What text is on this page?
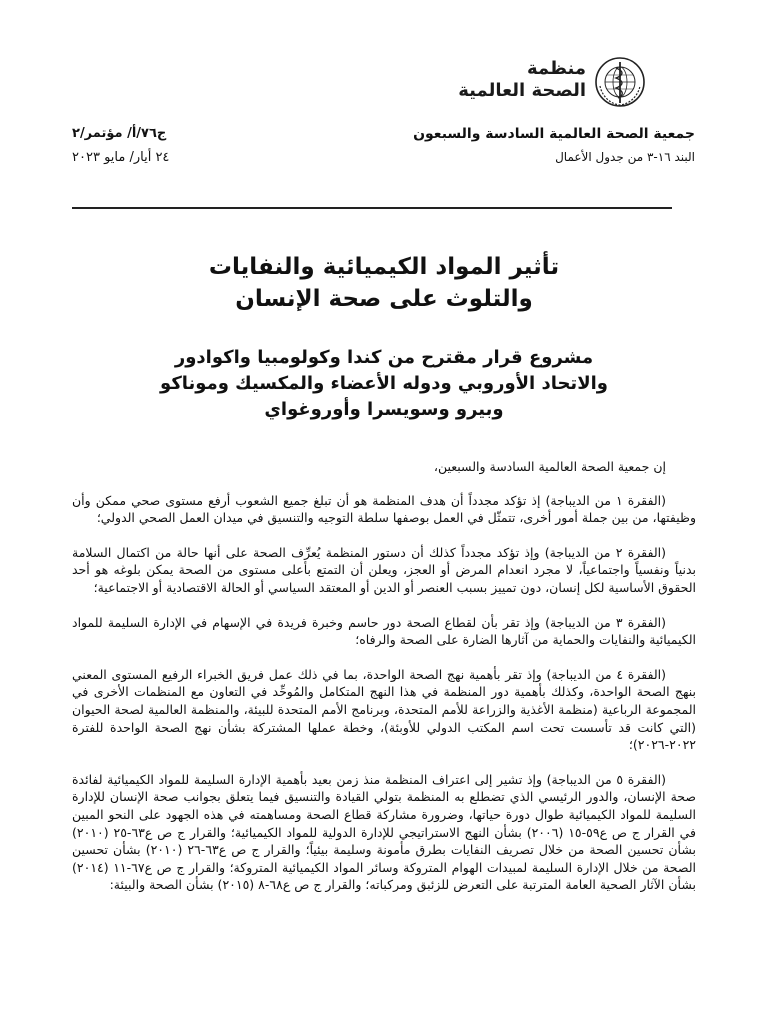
منظمة
الصحة العالمية
جمعية الصحة العالمية السادسة والسبعون
البند ١٦-٣ من جدول الأعمال
ج٧٦/أ/ مؤتمر/٢
٢٤ أيار/ مايو ٢٠٢٣
تأثير المواد الكيميائية والنفايات
والتلوث على صحة الإنسان
مشروع قرار مقترح من كندا وكولومبيا واكوادور
والاتحاد الأوروبي ودوله الأعضاء والمكسيك وموناكو
وبيرو وسويسرا وأوروغواي

إن جمعية الصحة العالمية السادسة والسبعين،

(الفقرة ١ من الديباجة) إذ تؤكد مجدداً أن هدف المنظمة هو أن تبلغ جميع الشعوب أرفع مستوى صحي ممكن وأن وظيفتها، من بين جملة أمور أخرى، تتمثّل في العمل بوصفها سلطة التوجيه والتنسيق في ميدان العمل الصحي الدولي؛

(الفقرة ٢ من الديباجة) وإذ تؤكد مجدداً كذلك أن دستور المنظمة يُعرِّف الصحة على أنها حالة من اكتمال السلامة بدنياً ونفسياً واجتماعياً، لا مجرد انعدام المرض أو العجز، ويعلن أن التمتع بأعلى مستوى من الصحة يمكن بلوغه هو أحد الحقوق الأساسية لكل إنسان، دون تمييز بسبب العنصر أو الدين أو المعتقد السياسي أو الحالة الاقتصادية أو الاجتماعية؛

(الفقرة ٣ من الديباجة) وإذ تقر بأن لقطاع الصحة دور حاسم وخبرة فريدة في الإسهام في الإدارة السليمة للمواد الكيميائية والنفايات والحماية من آثارها الضارة على الصحة والرفاه؛

(الفقرة ٤ من الديباجة) وإذ تقر بأهمية نهج الصحة الواحدة، بما في ذلك عمل فريق الخبراء الرفيع المستوى المعني بنهج الصحة الواحدة، وكذلك بأهمية دور المنظمة في هذا النهج المتكامل والمُوحِّد في التعاون مع المنظمات الأخرى في المجموعة الرباعية (منظمة الأغذية والزراعة للأمم المتحدة، وبرنامج الأمم المتحدة للبيئة، والمنظمة العالمية لصحة الحيوان (التي كانت قد تأسست تحت اسم المكتب الدولي للأوبئة)، وخطة عملها المشتركة بشأن نهج الصحة الواحدة للفترة ٢٠٢٢-٢٠٢٦)؛

(الفقرة ٥ من الديباجة) وإذ تشير إلى اعتراف المنظمة منذ زمن بعيد بأهمية الإدارة السليمة للمواد الكيميائية لفائدة صحة الإنسان، والدور الرئيسي الذي تضطلع به المنظمة بتولي القيادة والتنسيق فيما يتعلق بجوانب صحة الإنسان للإدارة السليمة للمواد الكيميائية طوال دورة حياتها، وضرورة مشاركة قطاع الصحة ومساهمته في هذه الجهود على النحو المبين في القرار ج ص ع٥٩-١٥ (٢٠٠٦) بشأن النهج الاستراتيجي للإدارة الدولية للمواد الكيميائية؛ والقرار ج ص ع٦٣-٢٥ (٢٠١٠) بشأن تحسين الصحة من خلال تصريف النفايات بطرق مأمونة وسليمة بيئياً؛ والقرار ج ص ع٦٣-٢٦ (٢٠١٠) بشأن تحسين الصحة من خلال الإدارة السليمة لمبيدات الهوام المتروكة وسائر المواد الكيميائية المتروكة؛ والقرار ج ص ع٦٧-١١ (٢٠١٤) بشأن الآثار الصحية العامة المترتبة على التعرض للزئبق ومركباته؛ والقرار ج ص ع٦٨-٨ (٢٠١٥) بشأن الصحة والبيئة:
